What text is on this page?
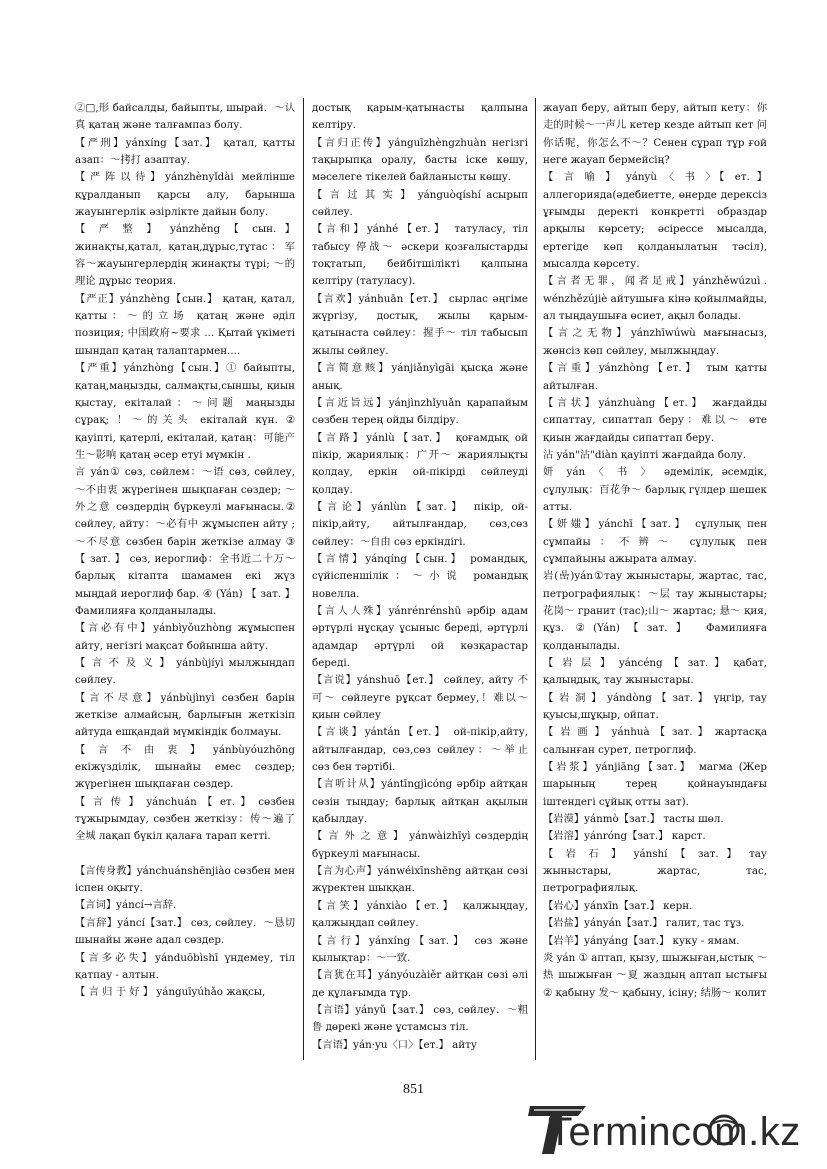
②□,形 байсалды, байыпты, шырай．～认真 қатаң және талғампаз болу.

【严刑】yánxíng【зат.】 қатал, қатты азап：～拷打 азаптау.

【严阵以待】yánzhènyǐdài мейлінше құралданып қарсы алу, барынша жауынгерлік әзірлікте дайын болу.

【 严 整 】 yánzhěng 【 сын. 】 жинақты,қатал, қатаң,дұрыс,тұтас：军容～жауынгерлердің жинақты түрі; ～的理论 дұрыс теория.

【严正】yánzhèng【сын.】 қатаң, қатал, қатты：～的立场 қатаң және әділ позиция; 中国政府~要求 ... Қытай үкіметі шындап қатаң талаптармен....

【严重】yánzhòng【сын.】① байыпты, қатаң,маңызды, салмақты,сыншы, қиын қыстау, екіталай：～问题 маңызды сұрақ; ！～的关头 екіталай күн. ② қауіпті, қатерлі, екіталай, қатаң：可能产生～影响 қатаң әсер етуі мүмкін .

言 yán① сөз, сөйлем：～语 сөз, сөйлеу, ～不由衷 жүрегінен шықпаған сөздер; ～外之意 сөздердің бүркеулі мағынасы.② сөйлеу, айту：～必有中 жұмыспен айту ; ～不尽意 сөзбен барін жеткізе алмау ③ 【 зат. 】 сөз, иероглиф：全书近二十万～ барлық кітапта шамамен екі жүз мыңдай иероглиф бар. ④ (Yán) 【 зат. 】 Фамилияға қолданылады.

【言必有中】yánbìyǒuzhòng жұмыспен айту, негізгі мақсат бойынша айту.

【 言 不 及 义 】 yánbùjíyì мылжыңдап сөйлеу.

【言不尽意】yánbùjìnyì сөзбен барін жеткізе алмайсың, барлығын жеткізіп айтуда ешқандай мүмкіндік болмауы.

【 言 不 由 衷 】 yánbùyóuzhōng екіжүзділік, шынайы емес сөздер; жүрегінен шықпаған сөздер.

【 言 传 】 yánchuán 【 ет. 】 сөзбен тұжырымдау, сөзбен жеткізу：传～遍了全城 лақап бүкіл қалаға тарап кетті.

【言传身教】yánchuánshēnjiào сөзбен мен іспен оқыту.

【言词】yáncí→言辞.

【言辞】yáncí【зат.】 сөз, сөйлеу．～恳切 шынайы және адал сөздер.

【言多必失】yánduōbìshī үндемеу, тіл қатпау - алтын.

【 言 归 于 好 】 yánguīyúhǎo жақсы,

достық қарым-қатынасты қалпына келтіру.

【言归正传】yánguīzhèngzhuàn негізгі тақырыпқа оралу, басты іске көшу, мәселеге тікелей байланысты көшу.

【 言 过 其 实 】 yánguòqíshí асырып сөйлеу.

【言和】yánhé【ет.】 татуласу, тіл табысу 停战～ әскери қозғалыстарды тоқтатып, бейбітшілікті қалпына келтіру (татуласу).

【言欢】yánhuān【ет.】 сырлас әңгіме жүргізу, достық, жылы қарым-қатынаста сөйлеу：握手～ тіл табысып жылы сөйлеу.

【言简意赅】yánjiǎnyìgāi қысқа және анық.

【言近旨远】yánjìnzhǐyuǎn қарапайым сөзбен терең ойды білдіру.

【言路】yánlù【зат.】 қоғамдық ой пікір, жариялық：广开～ жариялықты қолдау, еркін ой-пікірді сөйлеуді қолдау.

【言论】yánlùn【зат.】 пікір, ой-пікір,айту, айтылғандар, сөз,сөз сөйлеу：～自由 сөз еркіндігі.

【言情】yánqíng【сын.】 романдық, сүйіспеншілік：～小说 романдық новелла.

【言人人殊】yánrénrénshū әрбір адам әртүрлі нұсқау ұсыныс береді, әртүрлі адамдар әртүрлі ой көзқарастар береді.

【言说】yánshuō【ет.】 сөйлеу, айту 不可～ сөйлеуге рұқсат бермеу,！难以～ қиын сөйлеу

【言谈】yántán【ет.】 ой-пікір,айту, айтылғандар, сөз,сөз сөйлеу：～举止 сөз бен тәртібі.

【言听计从】yántīngjìcóng әрбір айтқан сөзін тыңдау; барлық айтқан ақылын қабылдау.

【 言 外 之 意 】 yánwàizhīyì сөздердің бүркеулі мағынасы.

【言为心声】yánwéixīnshēng айтқан сөзі жүректен шыққан.

【言笑】yánxiào【ет.】 қалжыңдау, қалжыңдап сөйлеу.

【言行】yánxíng【зат.】 сөз және қылықтар：～一致.

【言犹在耳】yányóuzàiěr айтқан сөзі әлі де құлағымда тұр.

【言语】yányǔ【зат.】 сөз, сөйлеу．～粗鲁 дөрекі және ұстамсыз тіл.

【言语】yán·yu〈口〉【ет.】 айту

жауап беру, айтып беру, айтып кету：你走的时候～一声儿 кетер кезде айтып кет 问你话呢，你怎么不～？Сенен сұрап тұр ғой неге жауап бермейсің?

【 言 喻 】 yányù 〈 书 〉【 ет. 】 аллегорияда(әдебиетте, өнерде дерексіз ұғымды деректі конкретті образдар арқылы көрсету; әсірессе мысалда, ертегіде көп қолданылатын тәсіл), мысалда көрсету.

【 言 者 无 罪 ， 闻 者 足 戒 】 yánzhěwúzuì . wénzhězújiè айтушыға кінә қойылмайды, ал тыңдаушыға өсиет, ақыл болады.

【言之无物】yánzhīwúwù мағынасыз, жөнсіз көп сөйлеу, мылжыңдау.

【言重】yánzhòng【ет.】 тым қатты айтылған.

【言状】yánzhuàng【ет.】 жағдайды сипаттау, сипаттап беру：难以～ өте қиын жағдайды сипаттап беру.

沾 yán"沾"diàn қауіпті жағдайда болу.

妍 yán 〈 书 〉 әдемілік, әсемдік, сұлулық：百花争～ барлық гүлдер шешек атты.

【妍媸】yánchī【зат.】 сұлулық пен сұмпайы：不辨～ сұлулық пен сұмпайыны ажырата алмау.

岩(嵒)yán①тау жыныстары, жартас, тас, петрографиялық：～层 тау жыныстары; 花岗～ гранит (тас);山～ жартас; 悬～ қия, құз. ②(Yán)【зат.】 Фамилияға қолданылады.

【 岩 层 】 yáncéng 【 зат. 】 қабат, қалыңдық, тау жыныстары.

【 岩 洞 】 yándòng 【 зат. 】 үңгір, тау қуысы,шұқыр, ойпат.

【 岩 画 】 yánhuà 【 зат. 】 жартасқа салынған сурет, петроглиф.

【岩浆】yánjiāng【зат.】 магма (Жер шарының терең қойнауындағы іштендегі сұйық отты зат).

【岩漠】yánmò【зат.】 тасты шөл.

【岩溶】yánróng【зат.】 карст.

【 岩 石 】 yánshí 【 зат. 】 тау жыныстары, жартас, тас, петрографиялық.

【岩心】yánxīn【зат.】 керн.

【岩盐】yányán【зат.】 галит, тас тұз.

【岩羊】yányáng【зат.】 куку - ямам.

炎 yán ① аптап, қызу, шыжыған,ыстық ～热 шыжыған ～夏 жаздың аптап ыстығы ② қабыну 发～ қабыну, ісіну; 结肠～ колит

851
Termincom.kz
